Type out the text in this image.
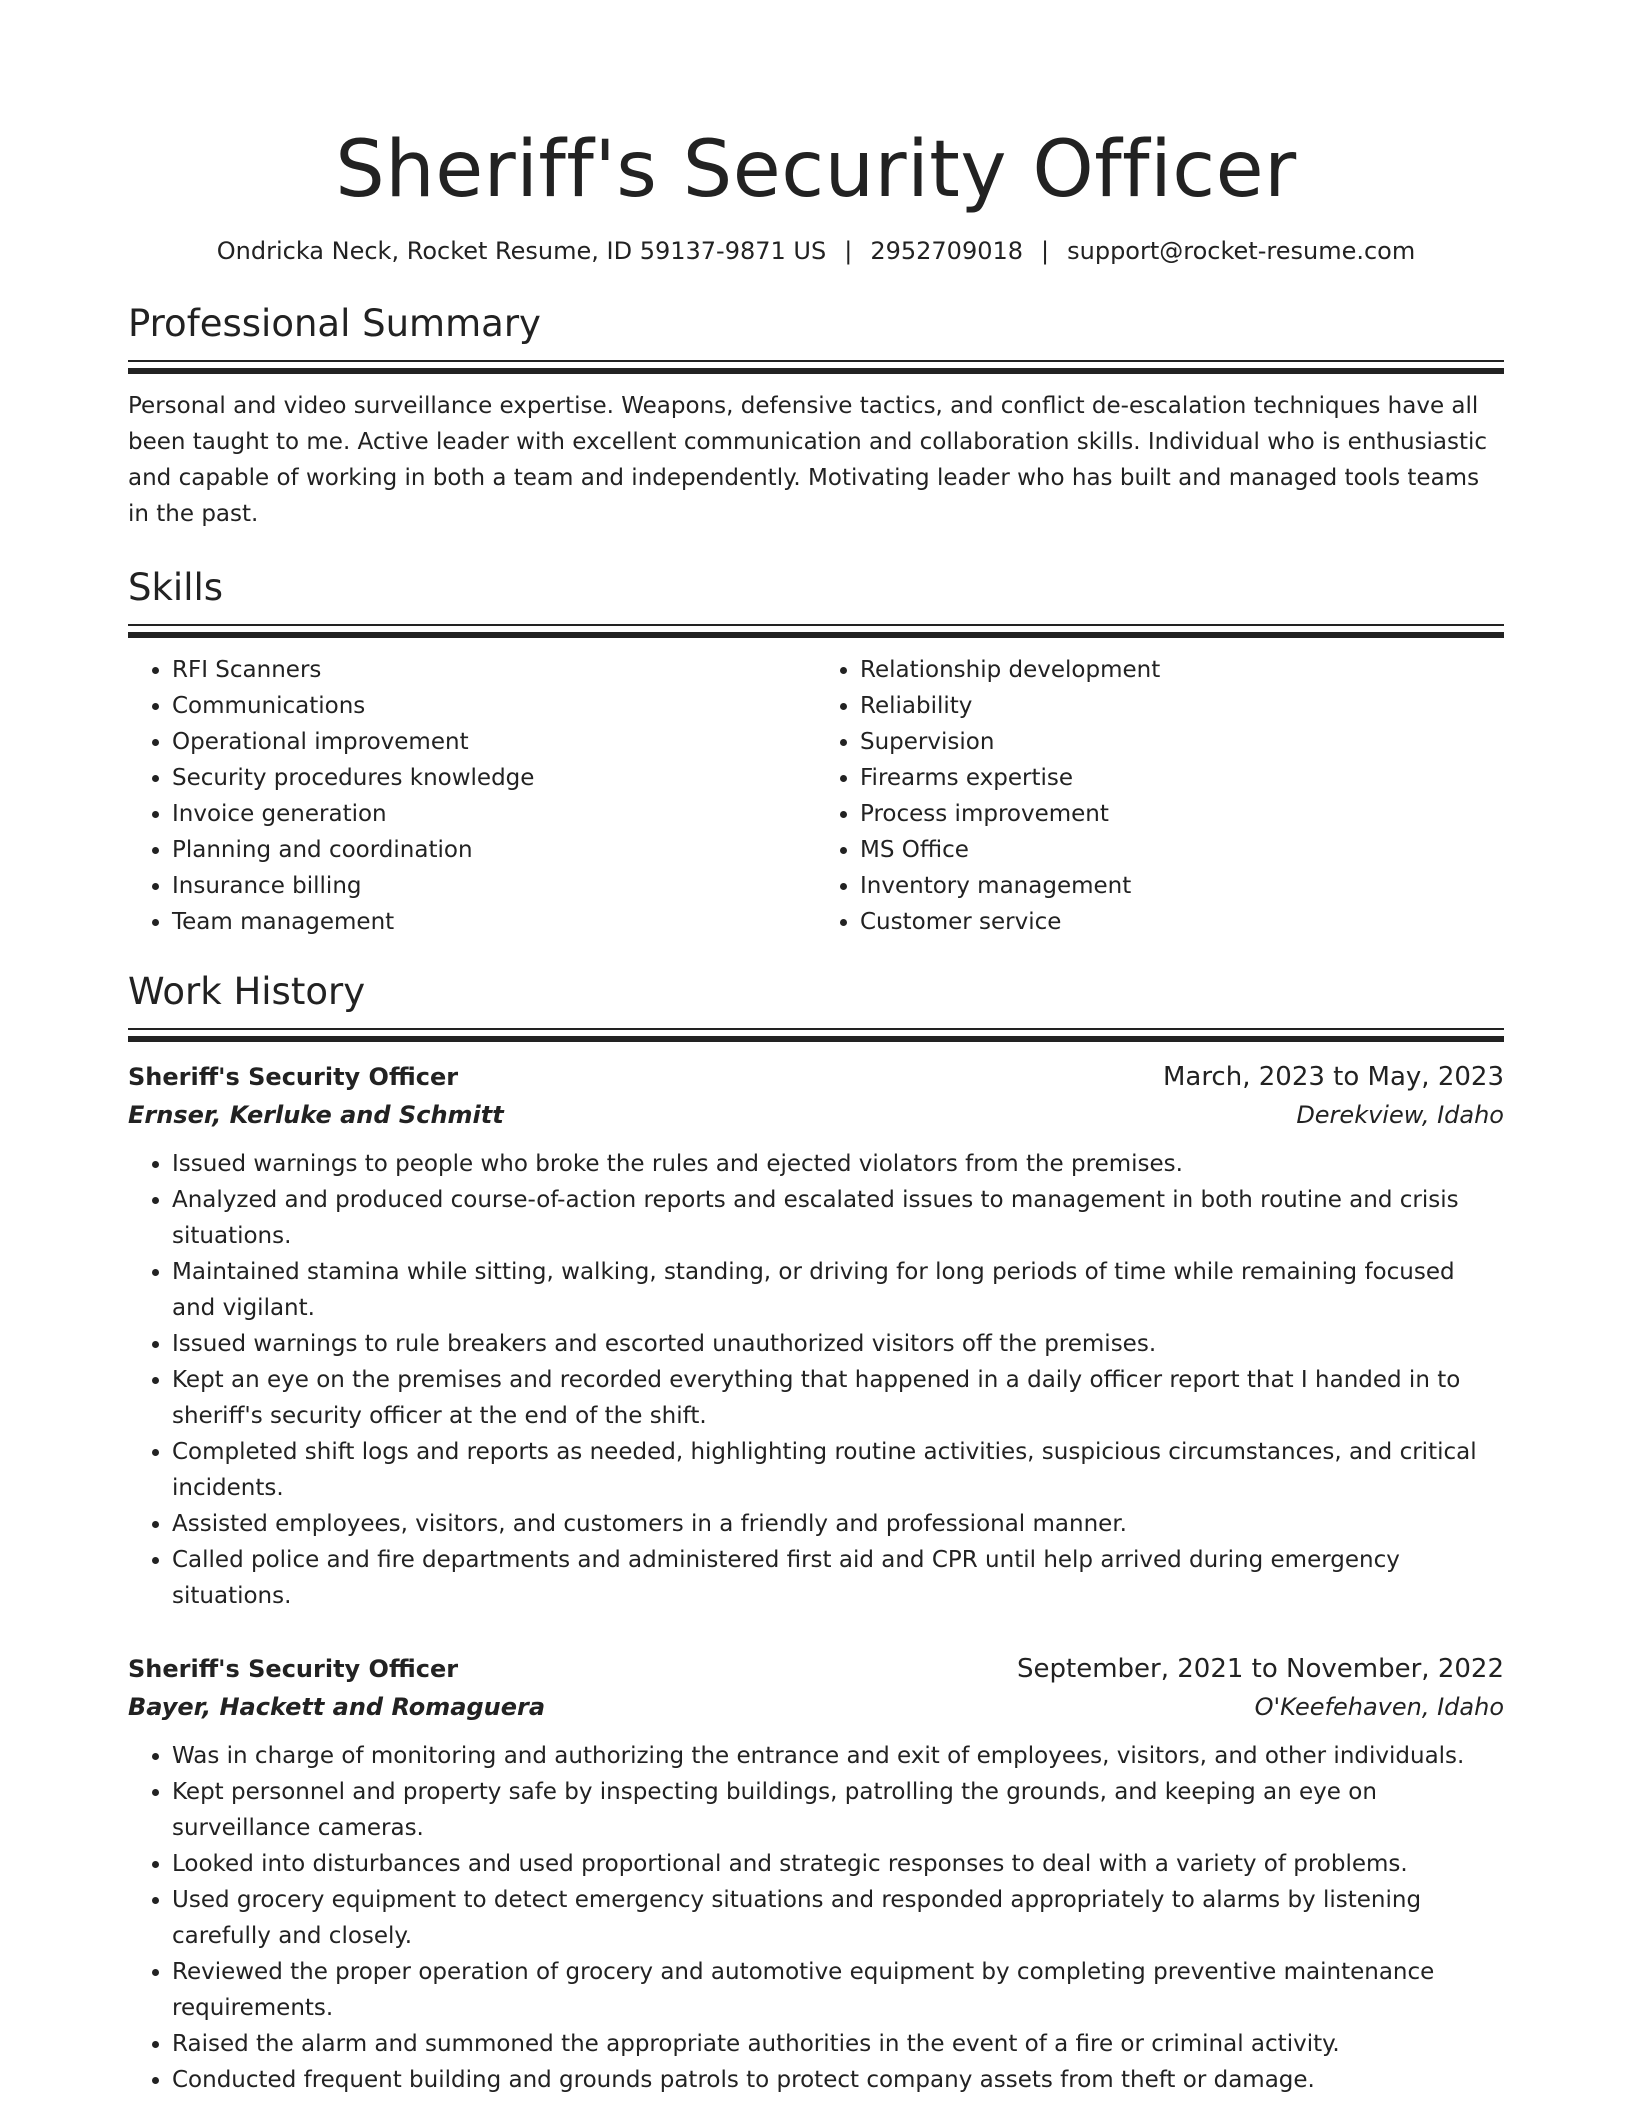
Sheriff's Security Officer
Ondricka Neck, Rocket Resume, ID 59137-9871 US | 2952709018 | support@rocket-resume.com
Professional Summary

Personal and video surveillance expertise. Weapons, defensive tactics, and conflict de-escalation techniques have all been taught to me. Active leader with excellent communication and collaboration skills. Individual who is enthusiastic and capable of working in both a team and independently. Motivating leader who has built and managed tools teams in the past.

Skills
• RFI Scanners
• Communications
• Operational improvement
• Security procedures knowledge
• Invoice generation
• Planning and coordination
• Insurance billing
• Team management
• Relationship development
• Reliability
• Supervision
• Firearms expertise
• Process improvement
• MS Office
• Inventory management
• Customer service
Work History
Sheriff's Security Officer	March, 2023 to May, 2023
Ernser, Kerluke and Schmitt	Derekview, Idaho
• Issued warnings to people who broke the rules and ejected violators from the premises.
• Analyzed and produced course-of-action reports and escalated issues to management in both routine and crisis situations.
• Maintained stamina while sitting, walking, standing, or driving for long periods of time while remaining focused and vigilant.
• Issued warnings to rule breakers and escorted unauthorized visitors off the premises.
• Kept an eye on the premises and recorded everything that happened in a daily officer report that I handed in to sheriff's security officer at the end of the shift.
• Completed shift logs and reports as needed, highlighting routine activities, suspicious circumstances, and critical incidents.
• Assisted employees, visitors, and customers in a friendly and professional manner.
• Called police and fire departments and administered first aid and CPR until help arrived during emergency situations.
Sheriff's Security Officer	September, 2021 to November, 2022
Bayer, Hackett and Romaguera	O'Keefehaven, Idaho
• Was in charge of monitoring and authorizing the entrance and exit of employees, visitors, and other individuals.
• Kept personnel and property safe by inspecting buildings, patrolling the grounds, and keeping an eye on surveillance cameras.
• Looked into disturbances and used proportional and strategic responses to deal with a variety of problems.
• Used grocery equipment to detect emergency situations and responded appropriately to alarms by listening carefully and closely.
• Reviewed the proper operation of grocery and automotive equipment by completing preventive maintenance requirements.
• Raised the alarm and summoned the appropriate authorities in the event of a fire or criminal activity.
• Conducted frequent building and grounds patrols to protect company assets from theft or damage.
